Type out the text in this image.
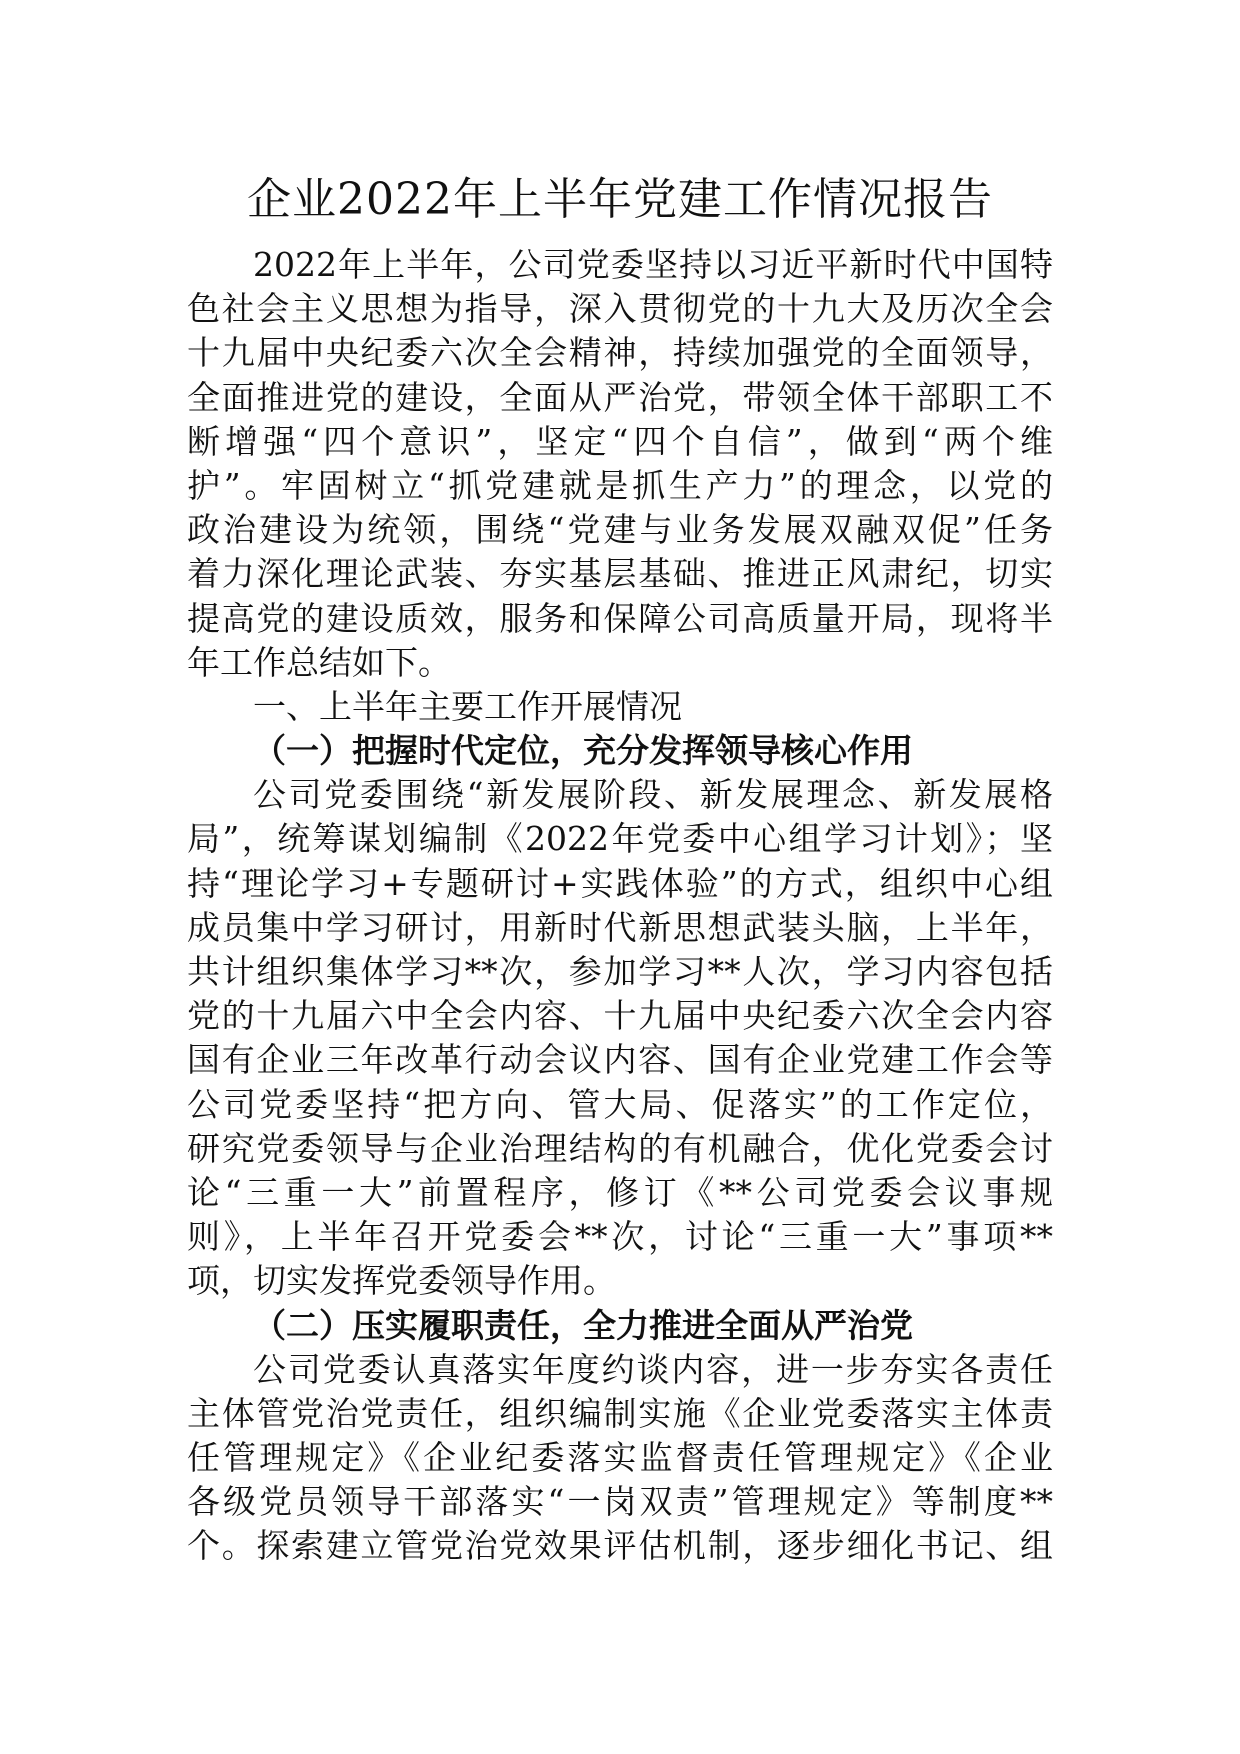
企业2022年上半年党建工作情况报告
2022年上半年，公司党委坚持以习近平新时代中国特
色社会主义思想为指导，深入贯彻党的十九大及历次全会
十九届中央纪委六次全会精神，持续加强党的全面领导，
全面推进党的建设，全面从严治党，带领全体干部职工不
断增强“四个意识”，坚定“四个自信”，做到“两个维
护”。牢固树立“抓党建就是抓生产力”的理念，以党的
政治建设为统领，围绕“党建与业务发展双融双促”任务
着力深化理论武装、夯实基层基础、推进正风肃纪，切实
提高党的建设质效，服务和保障公司高质量开局，现将半
年工作总结如下。
一、上半年主要工作开展情况
（一）把握时代定位，充分发挥领导核心作用
公司党委围绕“新发展阶段、新发展理念、新发展格
局”，统筹谋划编制《2022年党委中心组学习计划》；坚
持“理论学习+专题研讨+实践体验”的方式，组织中心组
成员集中学习研讨，用新时代新思想武装头脑，上半年，
共计组织集体学习**次，参加学习**人次，学习内容包括
党的十九届六中全会内容、十九届中央纪委六次全会内容
国有企业三年改革行动会议内容、国有企业党建工作会等
公司党委坚持“把方向、管大局、促落实”的工作定位，
研究党委领导与企业治理结构的有机融合，优化党委会讨
论“三重一大”前置程序，修订《**公司党委会议事规
则》，上半年召开党委会**次，讨论“三重一大”事项**
项，切实发挥党委领导作用。
（二）压实履职责任，全力推进全面从严治党
公司党委认真落实年度约谈内容，进一步夯实各责任
主体管党治党责任，组织编制实施《企业党委落实主体责
任管理规定》《企业纪委落实监督责任管理规定》《企业
各级党员领导干部落实“一岗双责”管理规定》等制度**
个。探索建立管党治党效果评估机制，逐步细化书记、组
